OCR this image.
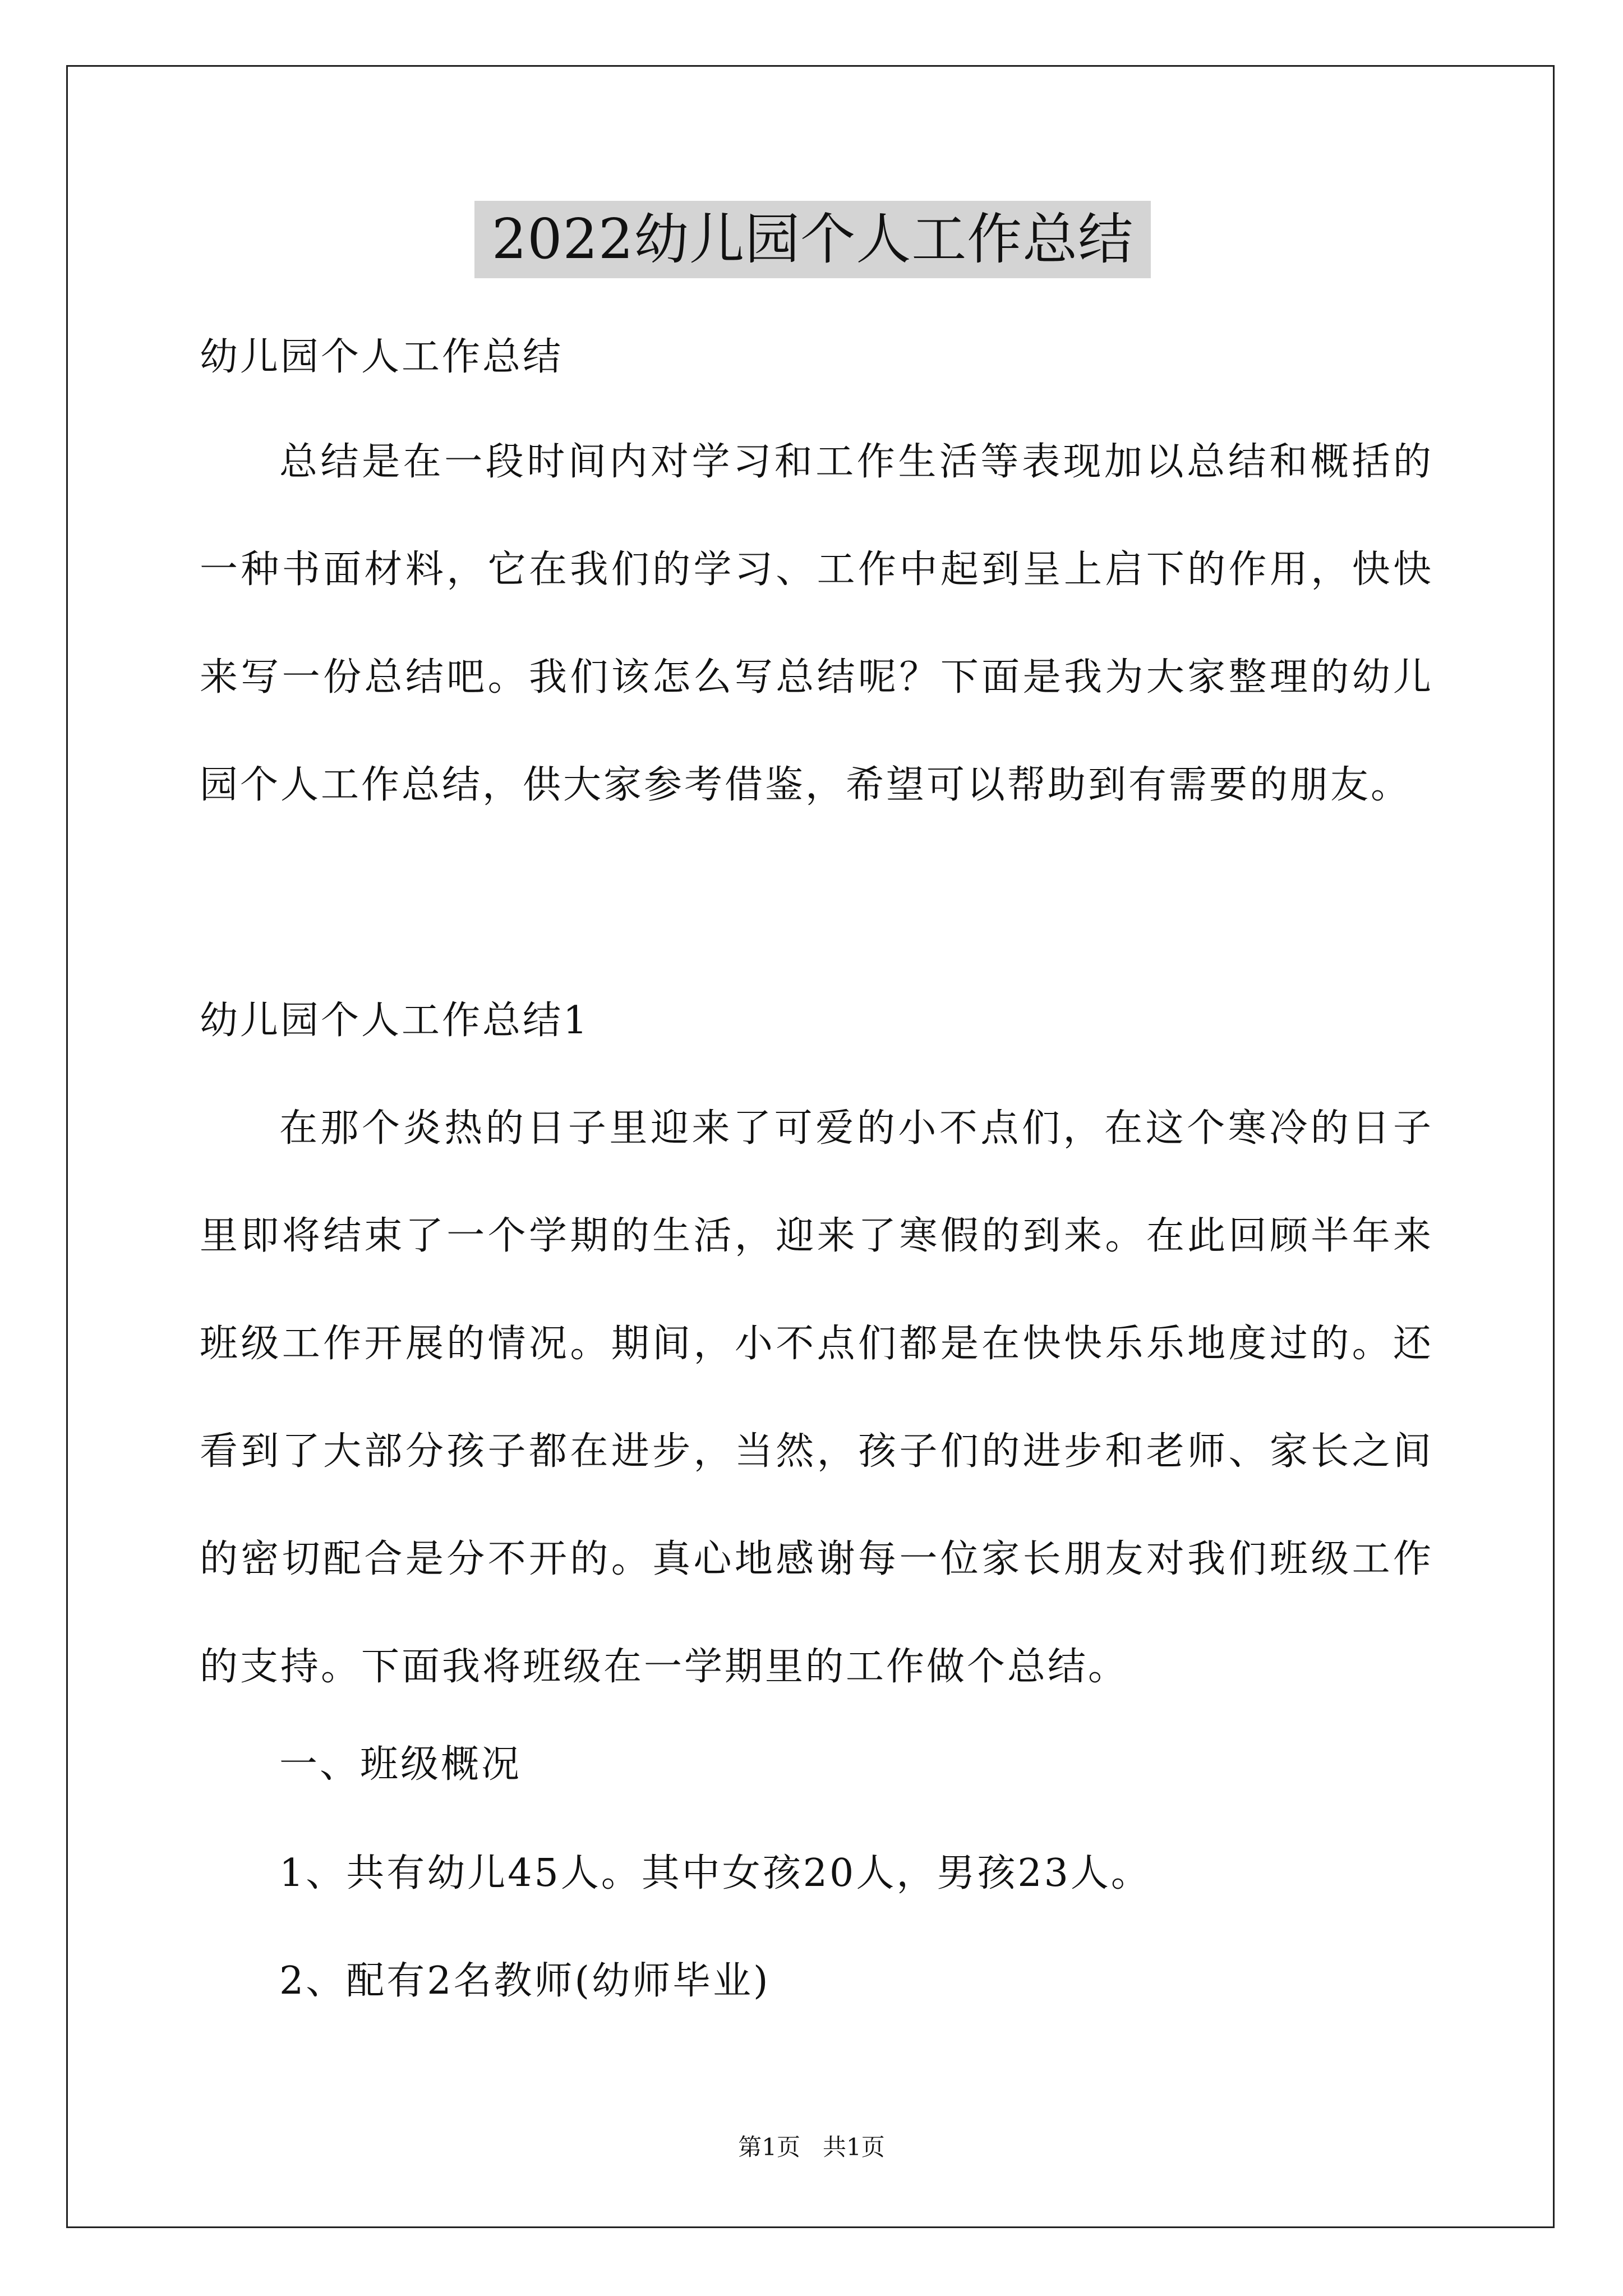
2022幼儿园个人工作总结
幼儿园个人工作总结
总结是在一段时间内对学习和工作生活等表现加以总结和概括的
一种书面材料，它在我们的学习、工作中起到呈上启下的作用，快快
来写一份总结吧。我们该怎么写总结呢？下面是我为大家整理的幼儿
园个人工作总结，供大家参考借鉴，希望可以帮助到有需要的朋友。
幼儿园个人工作总结1
在那个炎热的日子里迎来了可爱的小不点们，在这个寒冷的日子
里即将结束了一个学期的生活，迎来了寒假的到来。在此回顾半年来
班级工作开展的情况。期间，小不点们都是在快快乐乐地度过的。还
看到了大部分孩子都在进步，当然，孩子们的进步和老师、家长之间
的密切配合是分不开的。真心地感谢每一位家长朋友对我们班级工作
的支持。下面我将班级在一学期里的工作做个总结。
一、班级概况
1、共有幼儿45人。其中女孩20人，男孩23人。
2、配有2名教师(幼师毕业)
第1页 共1页
